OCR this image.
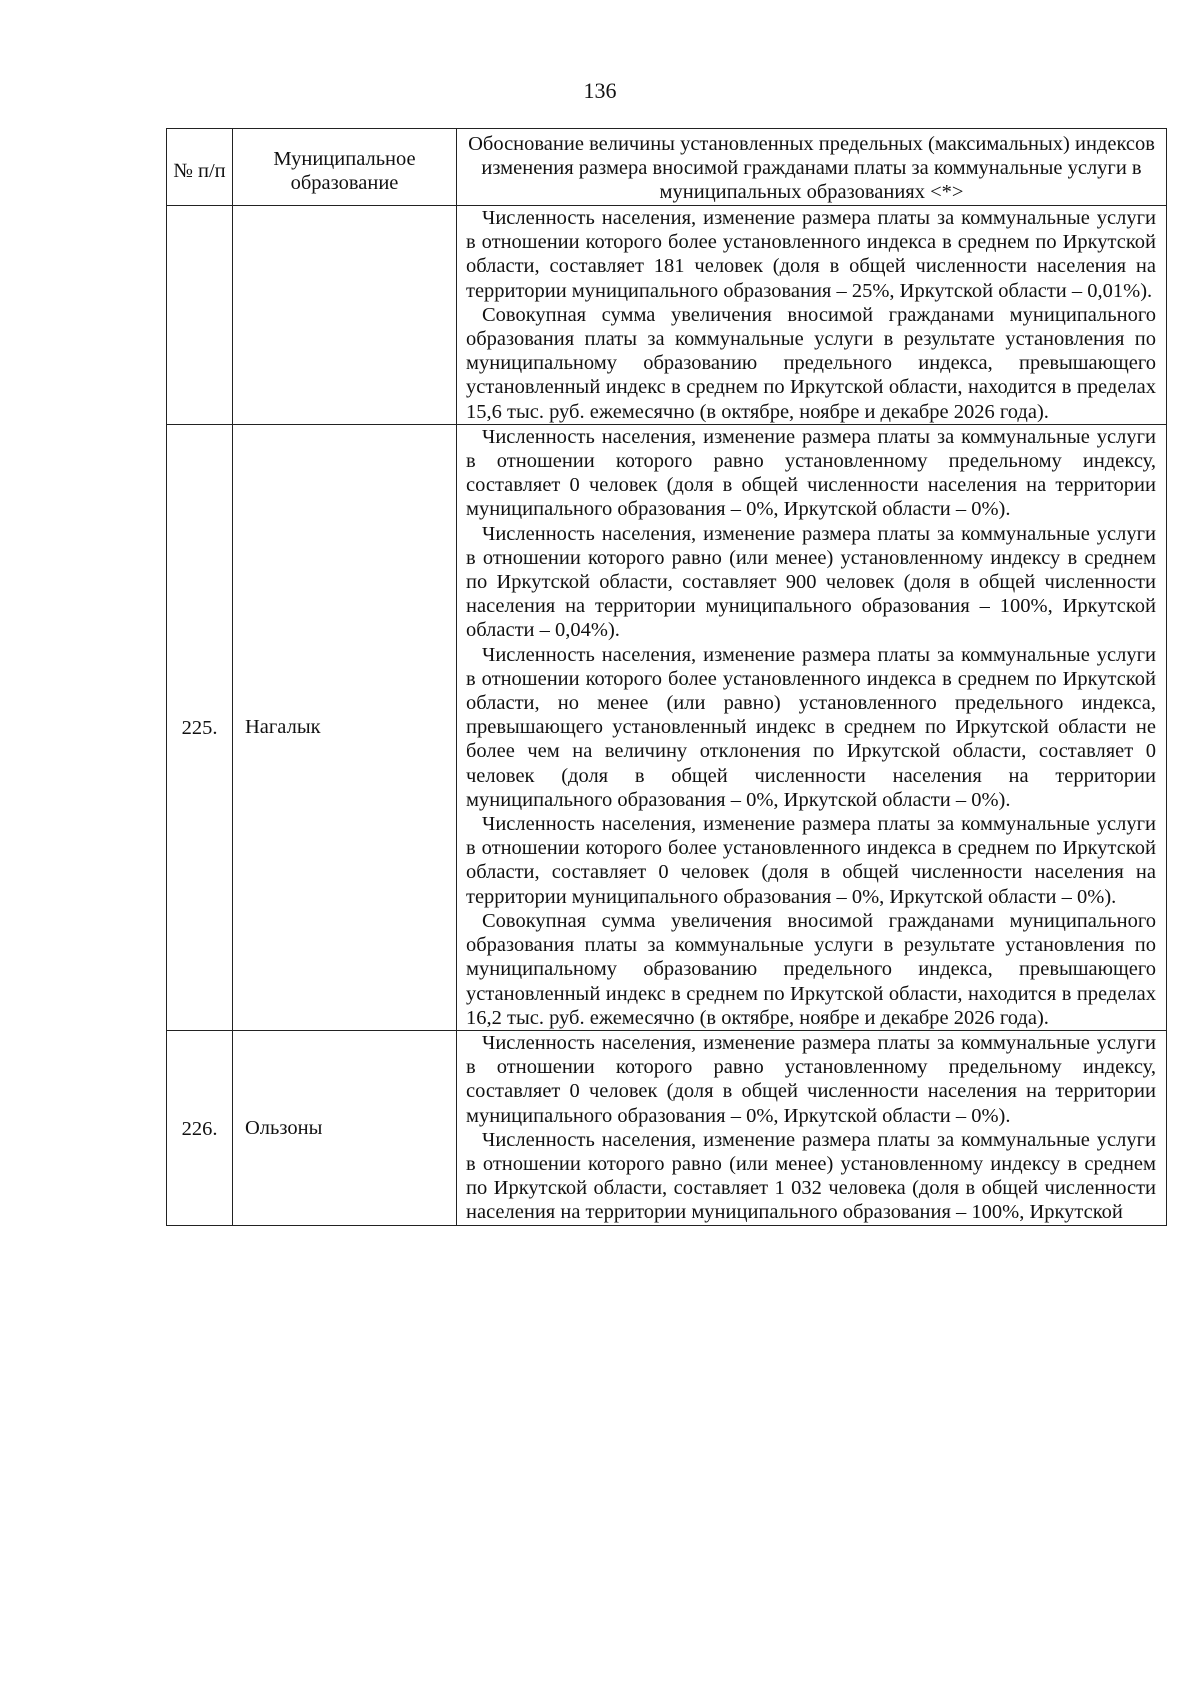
136
№ п/п	Муниципальное образование	Обоснование величины установленных предельных (максимальных) индексов изменения размера вносимой гражданами платы за коммунальные услуги в муниципальных образованиях <*>

		Численность населения, изменение размера платы за коммунальные услуги в отношении которого более установленного индекса в среднем по Иркутской области, составляет 181 человек (доля в общей численности населения на территории муниципального образования – 25%, Иркутской области – 0,01%).

Совокупная сумма увеличения вносимой гражданами муниципального образования платы за коммунальные услуги в результате установления по муниципальному образованию предельного индекса, превышающего установленный индекс в среднем по Иркутской области, находится в пределах 15,6 тыс. руб. ежемесячно (в октябре, ноябре и декабре 2026 года).

225.	Нагалык	Численность населения, изменение размера платы за коммунальные услуги в отношении которого равно установленному предельному индексу, составляет 0 человек (доля в общей численности населения на территории муниципального образования – 0%, Иркутской области – 0%).

Численность населения, изменение размера платы за коммунальные услуги в отношении которого равно (или менее) установленному индексу в среднем по Иркутской области, составляет 900 человек (доля в общей численности населения на территории муниципального образования – 100%, Иркутской области – 0,04%).

Численность населения, изменение размера платы за коммунальные услуги в отношении которого более установленного индекса в среднем по Иркутской области, но менее (или равно) установленного предельного индекса, превышающего установленный индекс в среднем по Иркутской области не более чем на величину отклонения по Иркутской области, составляет 0 человек (доля в общей численности населения на территории муниципального образования – 0%, Иркутской области – 0%).

Численность населения, изменение размера платы за коммунальные услуги в отношении которого более установленного индекса в среднем по Иркутской области, составляет 0 человек (доля в общей численности населения на территории муниципального образования – 0%, Иркутской области – 0%).

Совокупная сумма увеличения вносимой гражданами муниципального образования платы за коммунальные услуги в результате установления по муниципальному образованию предельного индекса, превышающего установленный индекс в среднем по Иркутской области, находится в пределах 16,2 тыс. руб. ежемесячно (в октябре, ноябре и декабре 2026 года).

226.	Ользоны	Численность населения, изменение размера платы за коммунальные услуги в отношении которого равно установленному предельному индексу, составляет 0 человек (доля в общей численности населения на территории муниципального образования – 0%, Иркутской области – 0%).

Численность населения, изменение размера платы за коммунальные услуги в отношении которого равно (или менее) установленному индексу в среднем по Иркутской области, составляет 1 032 человека (доля в общей численности населения на территории муниципального образования – 100%, Иркутской
